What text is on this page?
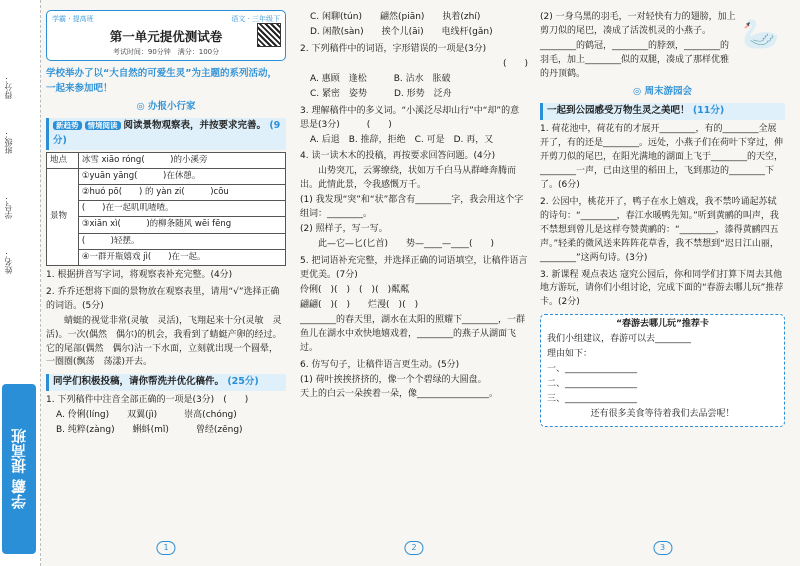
班级：
姓名：
学号：
得分：
学霸 提高班
学霸 · 提高班	语文 · 三年级下
第一单元提优测试卷
考试时间：90分钟　满分：100分
学校举办了以“大自然的可爱生灵”为主题的系列活动，一起来参加吧！
◎ 办报小行家
新趋势 情境阅读 阅读景物观察表，并按要求完善。 (9分)
地点	冰雪 xiāo róng(　　　)的小溪旁
景物	①yuān yāng(　　　)在休憩。
	②huó pō(　　) 的 yàn zi(　　　)cōu
	(　　)在一起叽叽喳喳。
	③xiān xì(　　　)的柳条随风 wēi fēng
	(　　　)轻摆。
	④一群开瓶嬉戏 jì(　　)在一起。

1. 根据拼音写字词，将观察表补充完整。(4分)

2. 乔乔还想将下面的景物放在观察表里，请用“√”选择正确的词语。(5分)

　　蜻蜓的视觉非常(灵敏　灵活)，飞翔起来十分(灵敏　灵活)。一次(偶然　偶尔)的机会，我看到了蜻蜓产卵的经过。它的尾部(偶然　偶尔)沾一下水面，立刻就出现一个圆晕，一圈圈(飘荡　荡漾)开去。

同学们积极投稿，请你帮洗并优化稿件。 (25分)

1. 下列稿件中注音全部正确的一项是(3分)　(　　)

A. 伶俐(líng)　　双翼(jì)　　　崇高(chóng)

B. 纯粹(zàng)　　蝌蚪(mǐ)　　　曾经(zēng)

1

C. 闲聊(tún)　　翩然(piān)　　执着(zhí)

D. 闲散(sàn)　　挨个儿(āi)　　电线杆(gǎn)

2. 下列稿件中的词语，字形错误的一项是(3分)

(　　)

A. 惠顾　逢松　　　B. 沾水　胀破

C. 紧密　姿势　　　D. 形势　泛舟

3. 理解稿件中的多义词。“小溪泛尽却山行”中“却”的意思是(3分)　　　(　　)

A. 后退　B. 推辞，拒绝　C. 可是　D. 再，又

4. 读一读木木的投稿，再按要求回答问题。(4分)

　　山势突兀，云雾缭绕，状如万千白马从群峰奔腾而出。此情此景，令我感慨万千。

(1) 我发现“突”和“状”都含有________字，我会用这个字组词：________。

(2) 照样子，写一写。

　　此—它—匕(匕首)　　势—____—____(　　)

5. 把词语补充完整，并选择正确的词语填空，让稿件语言更优美。(7分)

伶俐(　)(　)　(　)(　)粼粼

翩翩(　)(　)　　烂漫(　)(　)

________的春天里，湖水在太阳的照耀下________，一群鱼儿在湖水中欢快地嬉戏着，________的燕子从湖面飞过。

6. 仿写句子，让稿件语言更生动。(5分)

(1) 荷叶挨挨挤挤的，像一个个碧绿的大圆盘。

天上的白云一朵挨着一朵，像________________。

2
🦢

(2) 一身乌黑的羽毛，一对轻快有力的翅膀，加上剪刀似的尾巴，凑成了活泼机灵的小燕子。

________的鹤冠，________的脖颈，________的羽毛，加上________似的双腿，凑成了那样优雅的丹顶鹤。

◎ 周末游园会
一起到公园感受万物生灵之美吧！ (11分)

1. 荷花池中，荷花有的才展开________，有的________全展开了，有的还是________。远处，小燕子们在荷叶下穿过，伸开剪刀似的尾巴，在阳光满地的湖面上飞于________的天空，________一声，已由这里的稻田上，飞到那边的________下了。(6分)

2. 公园中，桃花开了，鸭子在水上嬉戏，我不禁吟诵起苏轼的诗句：“________，春江水暖鸭先知。”听到黄鹂的叫声，我不禁想到曾儿是这样夸赞黄鹂的：“________，漆得黄鹂四五声。”轻柔的微风送来阵阵花草香，我不禁想到“迟日江山丽，________”这两句诗。(3分)

3. 新课程 观点表达 寇究公园后，你和同学们打算下周去其他地方游玩，请你们小组讨论，完成下面的“春游去哪儿玩”推荐卡。(2分)

“春游去哪儿玩”推荐卡

我们小组建议，春游可以去________

理由如下：

一、________________

二、________________

三、________________

还有很多美食等待着我们去品尝呢！

3
